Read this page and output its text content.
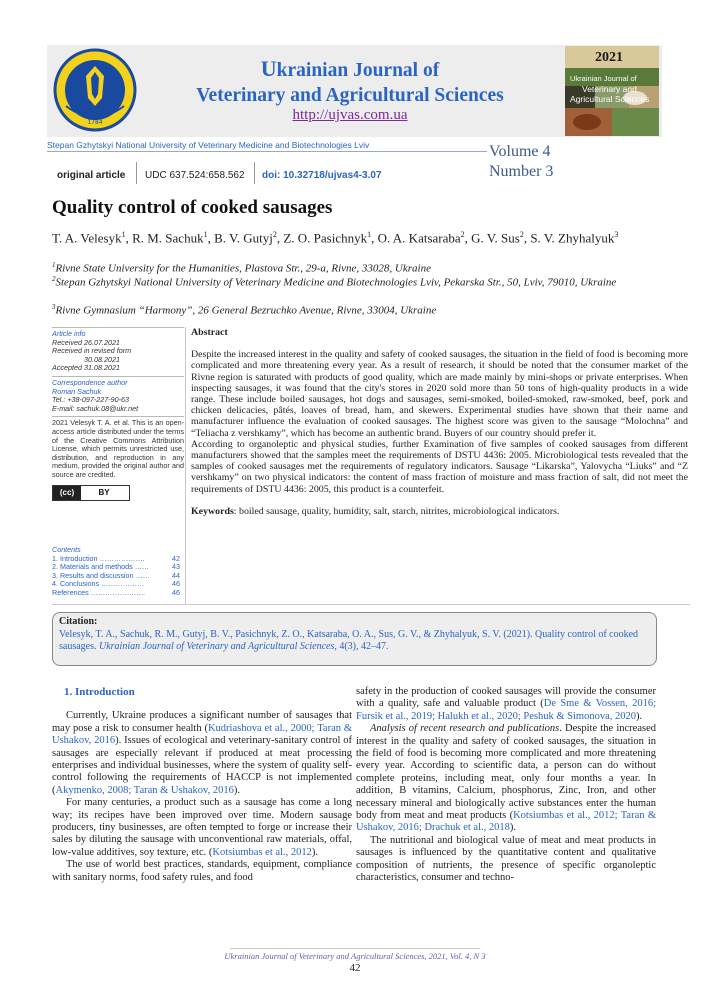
1784
Ukrainian Journal of
Veterinary and Agricultural Sciences
http://ujvas.com.ua
2021
Ukrainian Journal of
Veterinary and
Agricultural Sciences
Stepan Gzhytskyi National University of Veterinary Medicine and Biotechnologies Lviv
original article UDC 637.524:658.562 doi: 10.32718/ujvas4-3.07
Volume 4
Number 3
Quality control of cooked sausages
T. A. Velesyk$^1$, R. M. Sachuk$^1$, B. V. Gutyj$^2$, Z. O. Pasichnyk$^1$, O. A. Katsaraba$^2$, G. V. Sus$^2$, S. V. Zhyhalyuk$^3$
$^1$Rivne State University for the Humanities, Plastova Str., 29-a, Rivne, 33028, Ukraine
$^2$Stepan Gzhytskyi National University of Veterinary Medicine and Biotechnologies Lviv, Pekarska Str., 50, Lviv, 79010, Ukraine
$^3$Rivne Gymnasium “Harmony”, 26 General Bezruchko Avenue, Rivne, 33004, Ukraine
Article info
Received 26.07.2021
Received in revised form
30.08.2021
Accepted 31.08.2021
Correspondence author
Roman Sachuk
Tel.: +38-097-227-90-63
E-mail: sachuk.08@ukr.net
2021 Velesyk T. A. et al. This is an open-access article distributed under the terms of the Creative Commons Attribution License, which permits unrestricted use, distribution, and reproduction in any medium, provided the original author and source are credited.
(cc)	BY
Contents
1. Introduction ……………….	42
2. Materials and methods ……	43
3. Results and discussion ……	44
4. Conclusions ………………	46
References …………………..	46
Abstract

Despite the increased interest in the quality and safety of cooked sausages, the situation in the field of food is becoming more complicated and more threatening every year. As a result of research, it should be noted that the consumer market of the Rivne region is saturated with products of good quality, which are made mainly by mini-shops or private enterprises. When inspecting sausages, it was found that the city's stores in 2020 sold more than 50 tons of high-quality products in a wide range. These include boiled sausages, hot dogs and sausages, semi-smoked, boiled-smoked, raw-smoked, beef, pork and chicken delicacies, pâtés, loaves of bread, ham, and skewers. Experimental studies have shown that their name and manufacturer influence the evaluation of cooked sausages. The highest score was given to the sausage “Molochna” and “Teliacha z vershkamy”, which has become an authentic brand. Buyers of our country should prefer it.

According to organoleptic and physical studies, further Examination of five samples of cooked sausages from different manufacturers showed that the samples meet the requirements of DSTU 4436: 2005. Microbiological tests revealed that the samples of cooked sausages met the requirements of regulatory indicators. Sausage “Likarska”, Yalovycha “Liuks” and “Z vershkamy” on two physical indicators: the content of mass fraction of moisture and mass fraction of salt, did not meet the requirements of DSTU 4436: 2005, this product is a counterfeit.

Keywords: boiled sausage, quality, humidity, salt, starch, nitrites, microbiological indicators.

Citation:
Velesyk, T. A., Sachuk, R. M., Gutyj, B. V., Pasichnyk, Z. O., Katsaraba, O. A., Sus, G. V., & Zhyhalyuk, S. V. (2021). Quality control of cooked sausages. Ukrainian Journal of Veterinary and Agricultural Sciences, 4(3), 42–47.
1. Introduction

Currently, Ukraine produces a significant number of sausages that may pose a risk to consumer health (Kudriashova et al., 2000; Taran & Ushakov, 2016). Issues of ecological and veterinary-sanitary control of sausages are especially relevant if produced at meat processing enterprises and individual businesses, where the system of quality self-control following the requirements of HACCP is not implemented (Akymenko, 2008; Taran & Ushakov, 2016).

For many centuries, a product such as a sausage has come a long way; its recipes have been improved over time. Modern sausage producers, tiny businesses, are often tempted to forge or increase their sales by diluting the sausage with unconventional raw materials, offal, low-value additives, soy texture, etc. (Kotsiumbas et al., 2012).

The use of world best practices, standards, equipment, compliance with sanitary norms, food safety rules, and food

safety in the production of cooked sausages will provide the consumer with a quality, safe and valuable product (De Sme & Vossen, 2016; Fursik et al., 2019; Halukh et al., 2020; Peshuk & Simonova, 2020).

Analysis of recent research and publications. Despite the increased interest in the quality and safety of cooked sausages, the situation in the field of food is becoming more complicated and more threatening every year. According to scientific data, a person can do without complete proteins, including meat, only four months a year. In addition, B vitamins, Calcium, phosphorus, Zinc, Iron, and other necessary mineral and biologically active substances enter the human body from meat and meat products (Kotsiumbas et al., 2012; Taran & Ushakov, 2016; Drachuk et al., 2018).

The nutritional and biological value of meat and meat products in sausages is influenced by the quantitative content and qualitative composition of nutrients, the presence of specific organoleptic characteristics, consumer and techno-

Ukrainian Journal of Veterinary and Agricultural Sciences, 2021, Vol. 4, N 3
42
